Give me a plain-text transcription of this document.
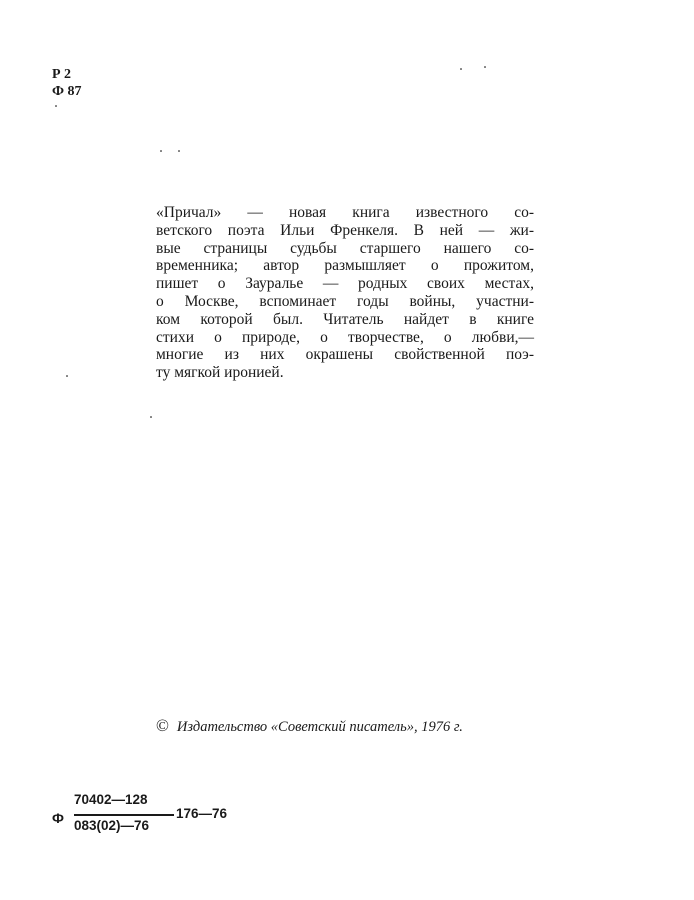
Р 2
Ф 87
«Причал» — новая книга известного со-
ветского поэта Ильи Френкеля. В ней — жи-
вые страницы судьбы старшего нашего со-
временника; автор размышляет о прожитом,
пишет о Зауралье — родных своих местах,
о Москве, вспоминает годы войны, участни-
ком которой был. Читатель найдет в книге
стихи о природе, о творчестве, о любви,—
многие из них окрашены свойственной поэ-
ту мягкой иронией.
© Издательство «Советский писатель», 1976 г.
Ф
70402—128
083(02)—76
176—76
